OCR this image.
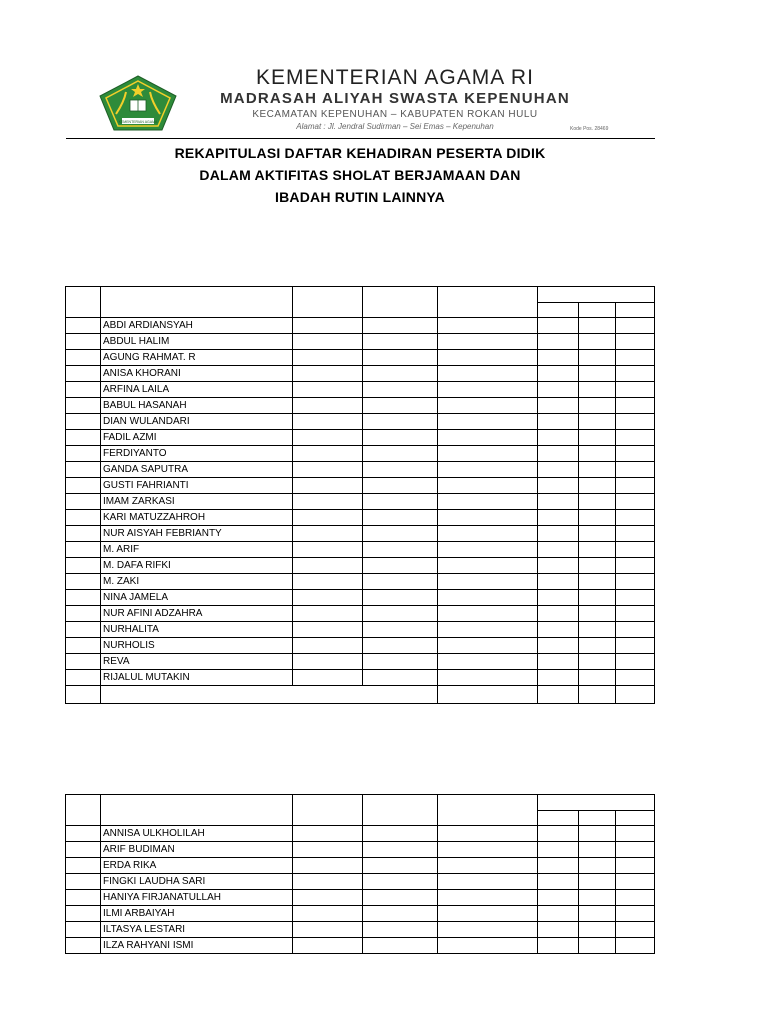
KEMENTERIAN AGAMA
KEMENTERIAN AGAMA RI
MADRASAH ALIYAH SWASTA KEPENUHAN
KECAMATAN KEPENUHAN – KABUPATEN ROKAN HULU
Alamat : Jl. Jendral Sudirman – Sei Emas – Kepenuhan	Kode Pos. 28469
REKAPITULASI DAFTAR KEHADIRAN PESERTA DIDIK
DALAM AKTIFITAS SHOLAT BERJAMAAN DAN
IBADAH RUTIN LAINNYA

	ABDI ARDIANSYAH						
	ABDUL HALIM						
	AGUNG RAHMAT. R						
	ANISA KHORANI						
	ARFINA LAILA						
	BABUL HASANAH						
	DIAN WULANDARI						
	FADIL AZMI						
	FERDIYANTO						
	GANDA SAPUTRA						
	GUSTI FAHRIANTI						
	IMAM ZARKASI						
	KARI MATUZZAHROH						
	NUR AISYAH FEBRIANTY						
	M. ARIF						
	M. DAFA RIFKI						
	M. ZAKI						
	NINA JAMELA						
	NUR AFINI ADZAHRA						
	NURHALITA						
	NURHOLIS						
	REVA						
	RIJALUL MUTAKIN						

	ANNISA ULKHOLILAH						
	ARIF BUDIMAN						
	ERDA RIKA						
	FINGKI LAUDHA SARI						
	HANIYA FIRJANATULLAH						
	ILMI ARBAIYAH						
	ILTASYA LESTARI						
	ILZA RAHYANI ISMI						
